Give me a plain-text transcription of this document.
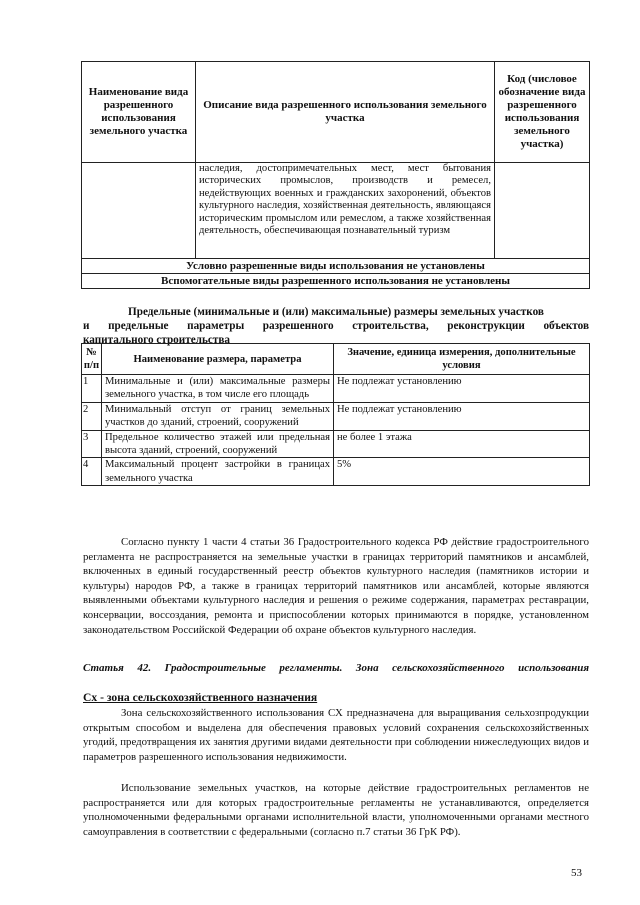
Наименование вида разрешенного использования земельного участка	Описание вида разрешенного использования земельного участка	Код (числовое обозначение вида разрешенного использования земельного участка)
	наследия, достопримечательных мест, мест бытования исторических промыслов, производств и ремесел, недействующих военных и гражданских захоронений, объектов культурного наследия, хозяйственная деятельность, являющаяся историческим промыслом или ремеслом, а также хозяйственная деятельность, обеспечивающая познавательный туризм	
Условно разрешенные виды использования не установлены		
Вспомогательные виды разрешенного использования не установлены		
Предельные (минимальные и (или) максимальные) размеры земельных участков
и предельные параметры разрешенного строительства, реконструкции объектов
капитального строительства
№ п/п	Наименование размера, параметра	Значение, единица измерения, дополнительные условия
1	Минимальные и (или) максимальные размеры земельного участка, в том числе его площадь	Не подлежат установлению
2	Минимальный отступ от границ земельных участков до зданий, строений, сооружений	Не подлежат установлению
3	Предельное количество этажей или предельная высота зданий, строений, сооружений	не более 1 этажа
4	Максимальный процент застройки в границах земельного участка	5%
Согласно пункту 1 части 4 статьи 36 Градостроительного кодекса РФ действие градостроительного регламента не распространяется на земельные участки в границах территорий памятников и ансамблей, включенных в единый государственный реестр объектов культурного наследия (памятников истории и культуры) народов РФ, а также в границах территорий памятников или ансамблей, которые являются выявленными объектами культурного наследия и решения о режиме содержания, параметрах реставрации, консервации, воссоздания, ремонта и приспособлении которых принимаются в порядке, установленном законодательством Российской Федерации об охране объектов культурного наследия.
Статья 42. Градостроительные регламенты. Зона сельскохозяйственного использования
Сх - зона сельскохозяйственного назначения
Зона сельскохозяйственного использования СХ предназначена для выращивания сельхозпродукции открытым способом и выделена для обеспечения правовых условий сохранения сельскохозяйственных угодий, предотвращения их занятия другими видами деятельности при соблюдении нижеследующих видов и параметров разрешенного использования недвижимости.
Использование земельных участков, на которые действие градостроительных регламентов не распространяется или для которых градостроительные регламенты не устанавливаются, определяется уполномоченными федеральными органами исполнительной власти, уполномоченными органами местного самоуправления в соответствии с федеральными (согласно п.7 статьи 36 ГрК РФ).
53
